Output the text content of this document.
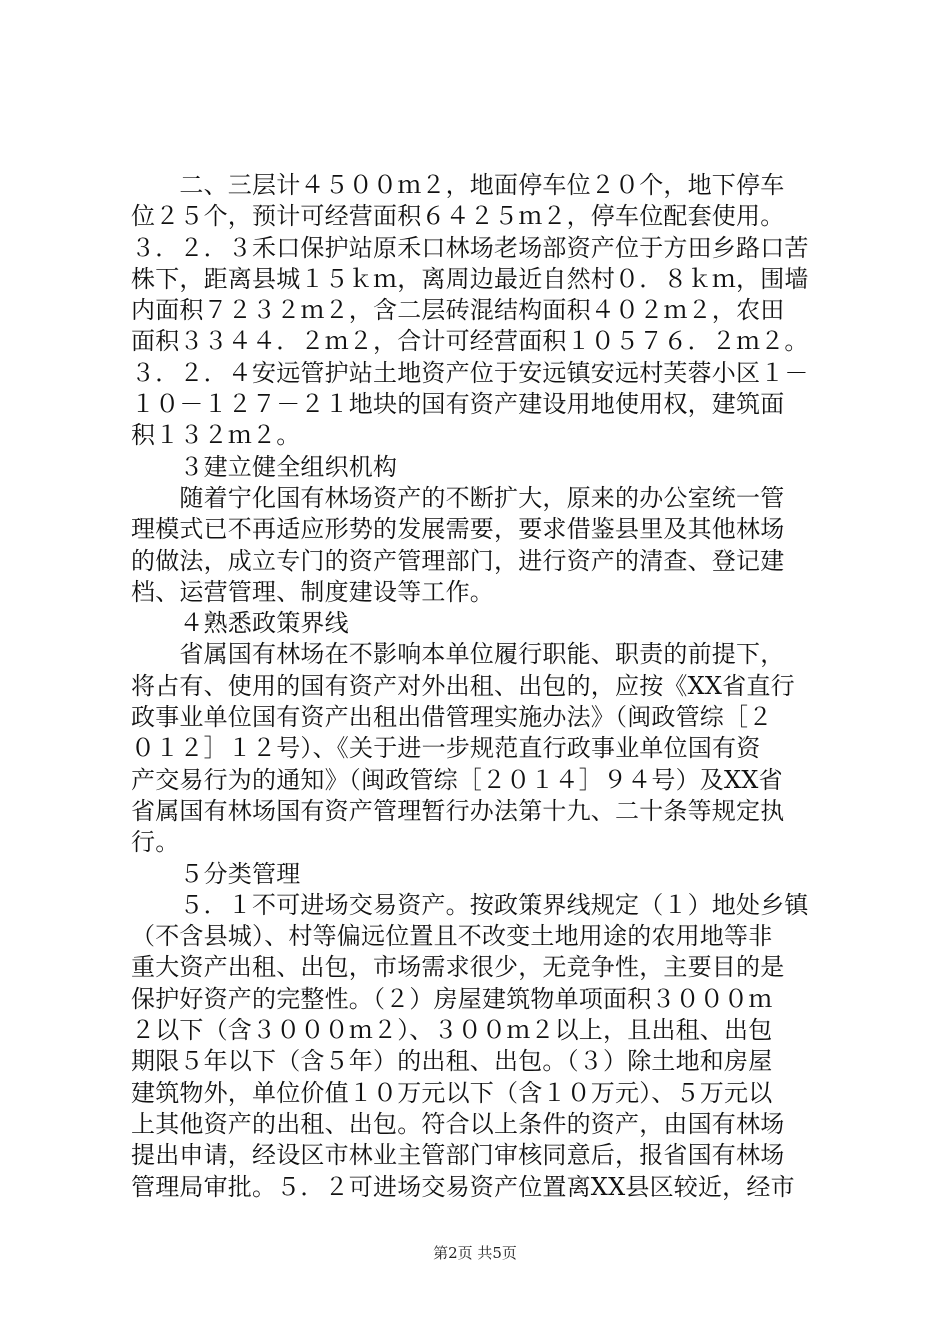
　　二、三层计４５００ｍ２，地面停车位２０个，地下停车
位２５个，预计可经营面积６４２５ｍ２，停车位配套使用。
３．２．３禾口保护站原禾口林场老场部资产位于方田乡路口苦
株下，距离县城１５ｋｍ，离周边最近自然村０．８ｋｍ，围墙
内面积７２３２ｍ２，含二层砖混结构面积４０２ｍ２，农田
面积３３４４．２ｍ２，合计可经营面积１０５７６．２ｍ２。
３．２．４安远管护站土地资产位于安远镇安远村芙蓉小区１－
１０－１２７－２１地块的国有资产建设用地使用权，建筑面
积１３２ｍ２。
　　３建立健全组织机构
　　随着宁化国有林场资产的不断扩大，原来的办公室统一管
理模式已不再适应形势的发展需要，要求借鉴县里及其他林场
的做法，成立专门的资产管理部门，进行资产的清查、登记建
档、运营管理、制度建设等工作。
　　４熟悉政策界线
　　省属国有林场在不影响本单位履行职能、职责的前提下，
将占有、使用的国有资产对外出租、出包的，应按《XX省直行
政事业单位国有资产出租出借管理实施办法》（闽政管综［２
０１２］１２号）、《关于进一步规范直行政事业单位国有资
产交易行为的通知》（闽政管综［２０１４］９４号）及XX省
省属国有林场国有资产管理暂行办法第十九、二十条等规定执
行。
　　５分类管理
　　５．１不可进场交易资产。按政策界线规定（１）地处乡镇
（不含县城）、村等偏远位置且不改变土地用途的农用地等非
重大资产出租、出包，市场需求很少，无竞争性，主要目的是
保护好资产的完整性。（２）房屋建筑物单项面积３０００ｍ
２以下（含３０００ｍ２）、３００ｍ２以上，且出租、出包
期限５年以下（含５年）的出租、出包。（３）除土地和房屋
建筑物外，单位价值１０万元以下（含１０万元）、５万元以
上其他资产的出租、出包。符合以上条件的资产，由国有林场
提出申请，经设区市林业主管部门审核同意后，报省国有林场
管理局审批。５．２可进场交易资产位置离XX县区较近，经市
第2页 共5页
